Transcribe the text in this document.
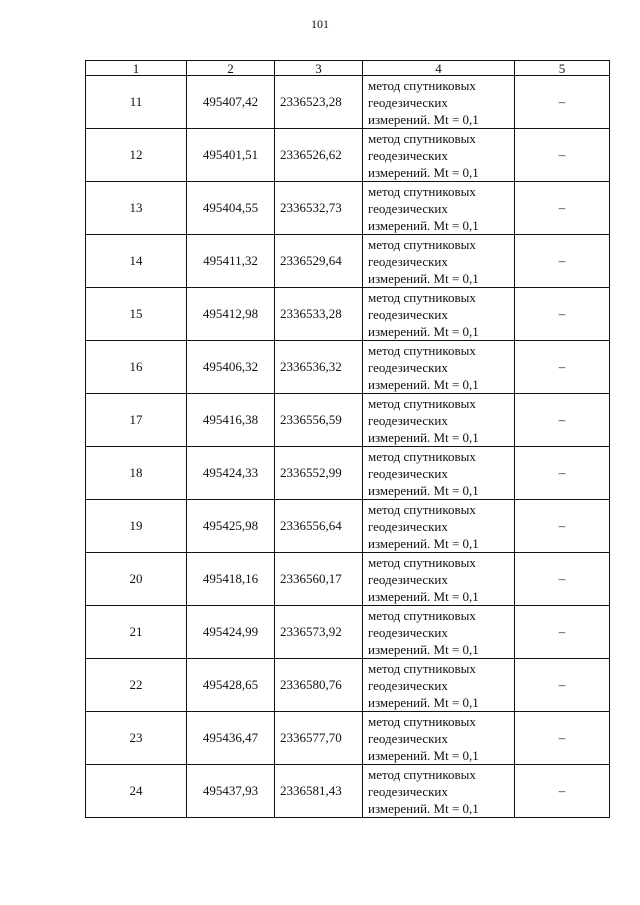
101
1	2	3	4	5
11	495407,42	2336523,28	метод спутниковых
геодезических
измерений. Mt = 0,1	–
12	495401,51	2336526,62	метод спутниковых
геодезических
измерений. Mt = 0,1	–
13	495404,55	2336532,73	метод спутниковых
геодезических
измерений. Mt = 0,1	–
14	495411,32	2336529,64	метод спутниковых
геодезических
измерений. Mt = 0,1	–
15	495412,98	2336533,28	метод спутниковых
геодезических
измерений. Mt = 0,1	–
16	495406,32	2336536,32	метод спутниковых
геодезических
измерений. Mt = 0,1	–
17	495416,38	2336556,59	метод спутниковых
геодезических
измерений. Mt = 0,1	–
18	495424,33	2336552,99	метод спутниковых
геодезических
измерений. Mt = 0,1	–
19	495425,98	2336556,64	метод спутниковых
геодезических
измерений. Mt = 0,1	–
20	495418,16	2336560,17	метод спутниковых
геодезических
измерений. Mt = 0,1	–
21	495424,99	2336573,92	метод спутниковых
геодезических
измерений. Mt = 0,1	–
22	495428,65	2336580,76	метод спутниковых
геодезических
измерений. Mt = 0,1	–
23	495436,47	2336577,70	метод спутниковых
геодезических
измерений. Mt = 0,1	–
24	495437,93	2336581,43	метод спутниковых
геодезических
измерений. Mt = 0,1	–
